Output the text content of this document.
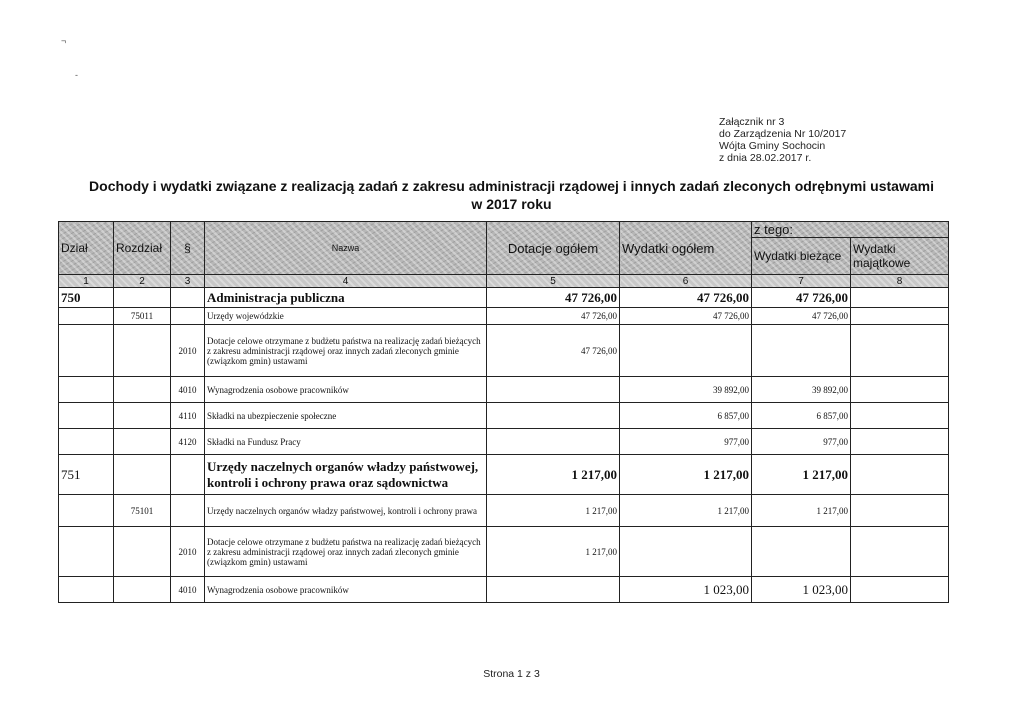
¬
-
Załącznik nr 3
do Zarządzenia Nr 10/2017
Wójta Gminy Sochocin
z dnia 28.02.2017 r.
Dochody i wydatki związane z realizacją zadań z zakresu administracji rządowej i innych zadań zleconych odrębnymi ustawami
w 2017 roku
Dział	Rozdział	§	Nazwa	Dotacje ogółem	Wydatki ogółem	z tego:	
						Wydatki bieżące	Wydatki majątkowe
1	2	3	4	5	6	7	8
750			Administracja publiczna	47 726,00	47 726,00	47 726,00	
	75011		Urzędy wojewódzkie	47 726,00	47 726,00	47 726,00	
		2010	Dotacje celowe otrzymane z budżetu państwa na realizację zadań bieżących z zakresu administracji rządowej oraz innych zadań zleconych gminie (związkom gmin) ustawami	47 726,00			
		4010	Wynagrodzenia osobowe pracowników		39 892,00	39 892,00	
		4110	Składki na ubezpieczenie społeczne		6 857,00	6 857,00	
		4120	Składki na Fundusz Pracy		977,00	977,00	
751			Urzędy naczelnych organów władzy państwowej, kontroli i ochrony prawa oraz sądownictwa	1 217,00	1 217,00	1 217,00	
	75101		Urzędy naczelnych organów władzy państwowej, kontroli i ochrony prawa	1 217,00	1 217,00	1 217,00	
		2010	Dotacje celowe otrzymane z budżetu państwa na realizację zadań bieżących z zakresu administracji rządowej oraz innych zadań zleconych gminie (związkom gmin) ustawami	1 217,00			
		4010	Wynagrodzenia osobowe pracowników		1 023,00	1 023,00	
Strona 1 z 3
